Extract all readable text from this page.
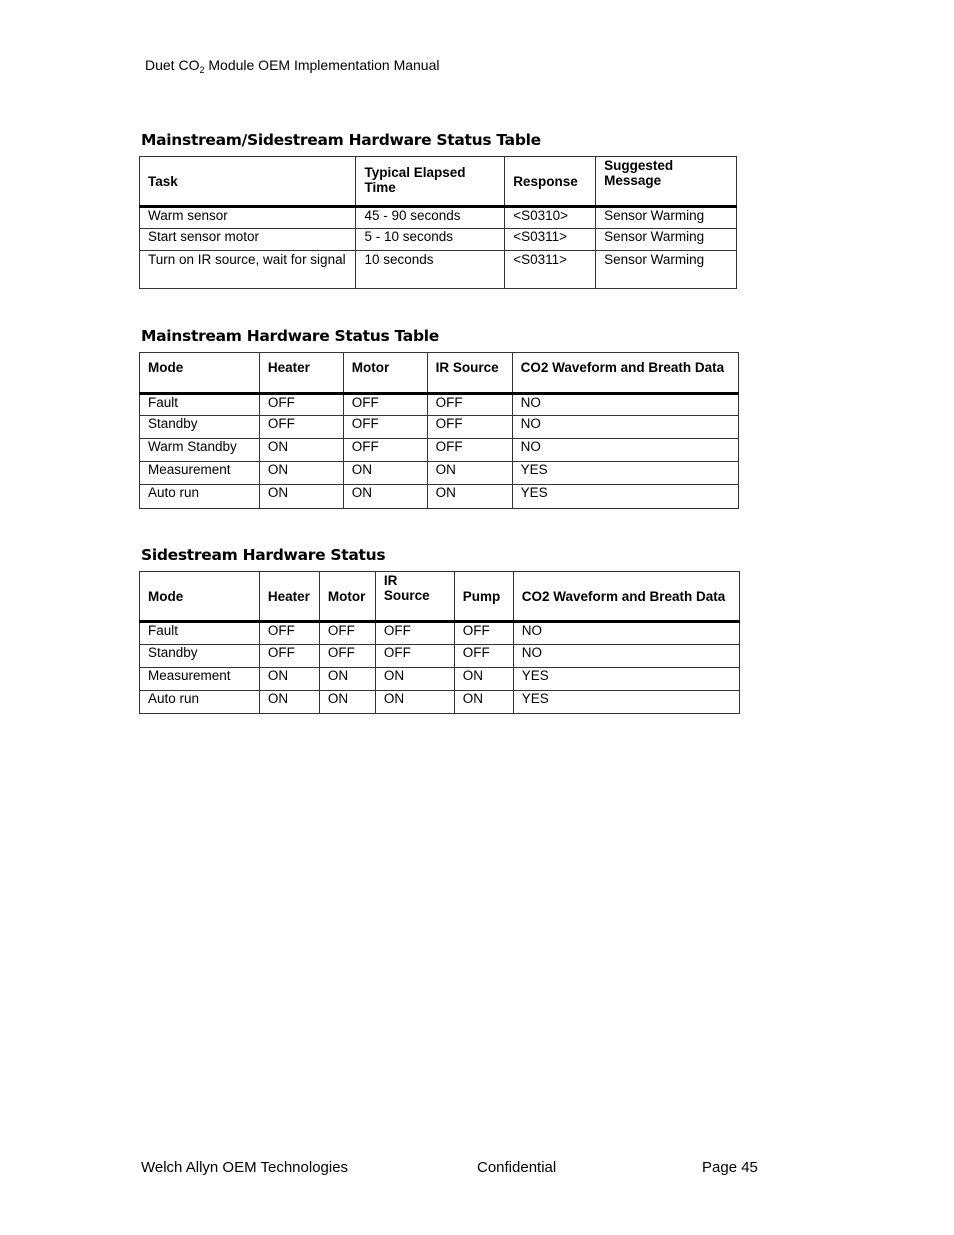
Duet $CO_2$ Module OEM Implementation Manual
Mainstream/Sidestream Hardware Status Table
Task	Typical Elapsed Time	Response	Suggested Message
Warm sensor	45 - 90 seconds	<S0310>	Sensor Warming
Start sensor motor	5 - 10 seconds	<S0311>	Sensor Warming
Turn on IR source, wait for signal	10 seconds	<S0311>	Sensor Warming
Mainstream Hardware Status Table
Mode	Heater	Motor	IR Source	CO2 Waveform and Breath Data
Fault	OFF	OFF	OFF	NO
Standby	OFF	OFF	OFF	NO
Warm Standby	ON	OFF	OFF	NO
Measurement	ON	ON	ON	YES
Auto run	ON	ON	ON	YES
Sidestream Hardware Status
Mode	Heater	Motor	IR Source	Pump	CO2 Waveform and Breath Data
Fault	OFF	OFF	OFF	OFF	NO
Standby	OFF	OFF	OFF	OFF	NO
Measurement	ON	ON	ON	ON	YES
Auto run	ON	ON	ON	ON	YES
Welch Allyn OEM Technologies	Confidential	Page 45
